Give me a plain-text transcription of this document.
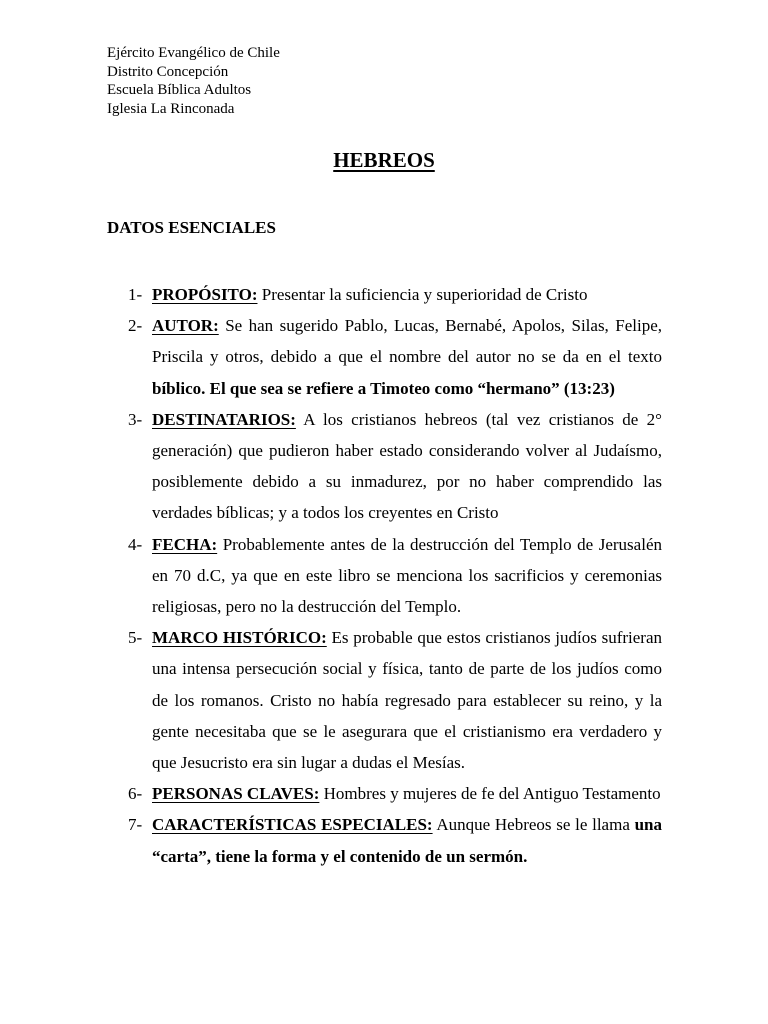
Ejército Evangélico de Chile
Distrito Concepción
Escuela Bíblica Adultos
Iglesia La Rinconada
HEBREOS
DATOS ESENCIALES
1- PROPÓSITO: Presentar la suficiencia y superioridad de Cristo
2- AUTOR: Se han sugerido Pablo, Lucas, Bernabé, Apolos, Silas, Felipe, Priscila y otros, debido a que el nombre del autor no se da en el texto bíblico. El que sea se refiere a Timoteo como “hermano” (13:23)
3- DESTINATARIOS: A los cristianos hebreos (tal vez cristianos de 2° generación) que pudieron haber estado considerando volver al Judaísmo, posiblemente debido a su inmadurez, por no haber comprendido las verdades bíblicas; y a todos los creyentes en Cristo
4- FECHA: Probablemente antes de la destrucción del Templo de Jerusalén en 70 d.C, ya que en este libro se menciona los sacrificios y ceremonias religiosas, pero no la destrucción del Templo.
5- MARCO HISTÓRICO: Es probable que estos cristianos judíos sufrieran una intensa persecución social y física, tanto de parte de los judíos como de los romanos. Cristo no había regresado para establecer su reino, y la gente necesitaba que se le asegurara que el cristianismo era verdadero y que Jesucristo era sin lugar a dudas el Mesías.
6- PERSONAS CLAVES: Hombres y mujeres de fe del Antiguo Testamento
7- CARACTERÍSTICAS ESPECIALES: Aunque Hebreos se le llama una “carta”, tiene la forma y el contenido de un sermón.
